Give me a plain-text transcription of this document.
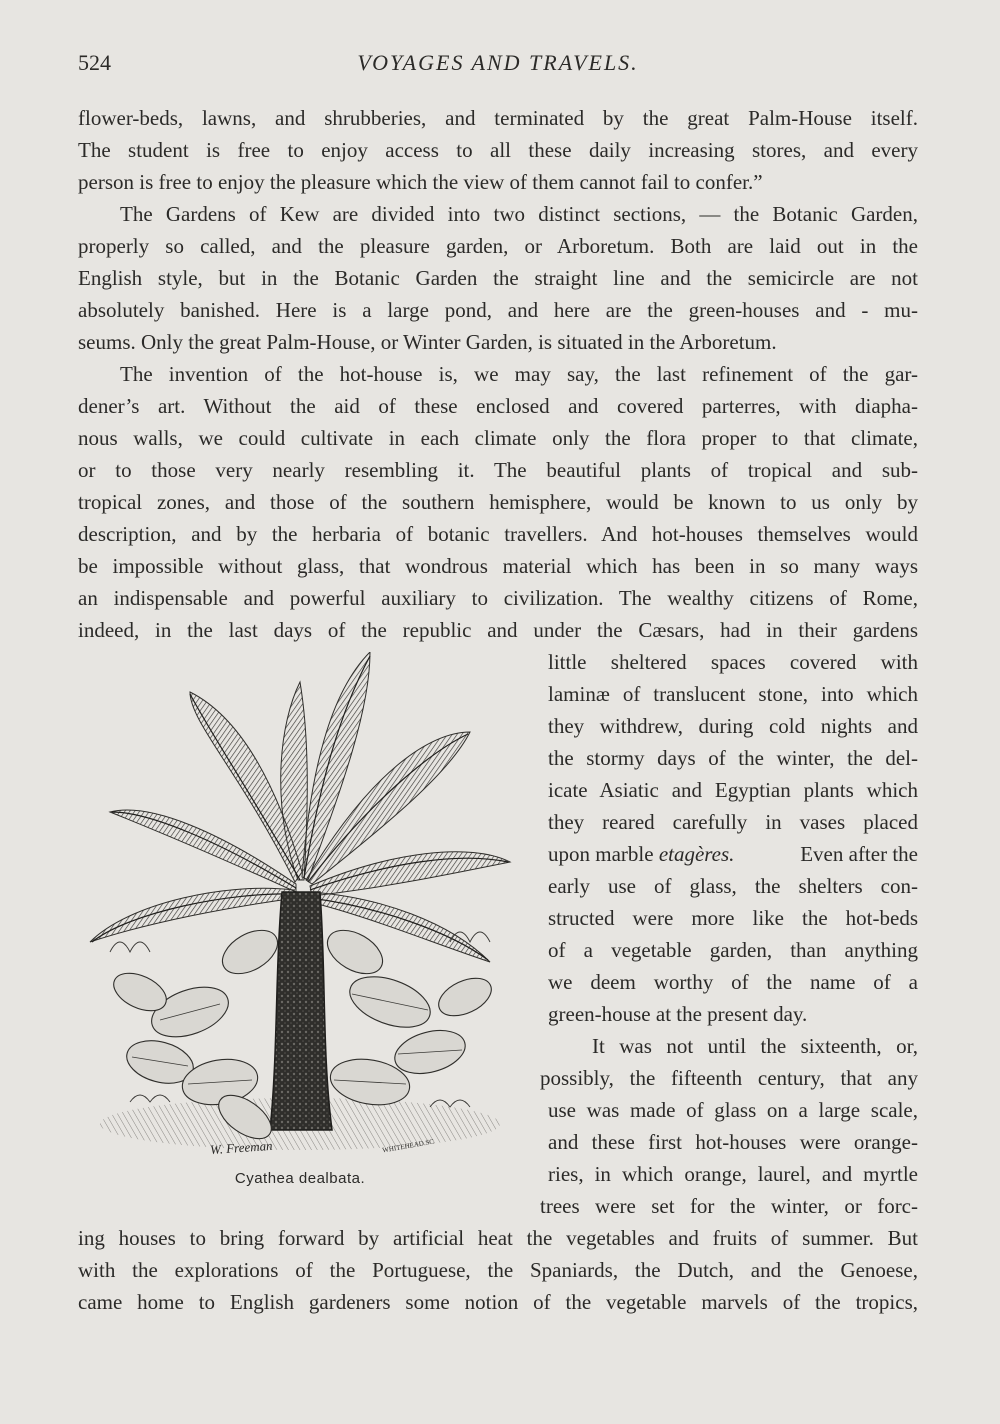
524	VOYAGES AND TRAVELS.
flower-beds, lawns, and shrubberies, and terminated by the great Palm-House itself.
The student is free to enjoy access to all these daily increasing stores, and every
person is free to enjoy the pleasure which the view of them cannot fail to confer.”
The Gardens of Kew are divided into two distinct sections, — the Botanic Garden,
properly so called, and the pleasure garden, or Arboretum. Both are laid out in the
English style, but in the Botanic Garden the straight line and the semicircle are not
absolutely banished. Here is a large pond, and here are the green-houses and - mu-
seums. Only the great Palm-House, or Winter Garden, is situated in the Arboretum.
The invention of the hot-house is, we may say, the last refinement of the gar-
dener’s art. Without the aid of these enclosed and covered parterres, with diapha-
nous walls, we could cultivate in each climate only the flora proper to that climate,
or to those very nearly resembling it. The beautiful plants of tropical and sub-
tropical zones, and those of the southern hemisphere, would be known to us only by
description, and by the herbaria of botanic travellers. And hot-houses themselves would
be impossible without glass, that wondrous material which has been in so many ways
an indispensable and powerful auxiliary to civilization. The wealthy citizens of Rome,
indeed, in the last days of the republic and under the Cæsars, had in their gardens
little sheltered spaces covered with
laminæ of translucent stone, into which
they withdrew, during cold nights and
the stormy days of the winter, the del-
icate Asiatic and Egyptian plants which
they reared carefully in vases placed
upon marble etagères.	Even after the
early use of glass, the shelters con-
structed were more like the hot-beds
of a vegetable garden, than anything
we deem worthy of the name of a
green-house at the present day.
It was not until the sixteenth, or,
possibly, the fifteenth century, that any
use was made of glass on a large scale,
and these first hot-houses were orange-
ries, in which orange, laurel, and myrtle
trees were set for the winter, or forc-
ing houses to bring forward by artificial heat the vegetables and fruits of summer. But
with the explorations of the Portuguese, the Spaniards, the Dutch, and the Genoese,
came home to English gardeners some notion of the vegetable marvels of the tropics,
W. Freeman	WHITEHEAD.SC
Cyathea dealbata.
